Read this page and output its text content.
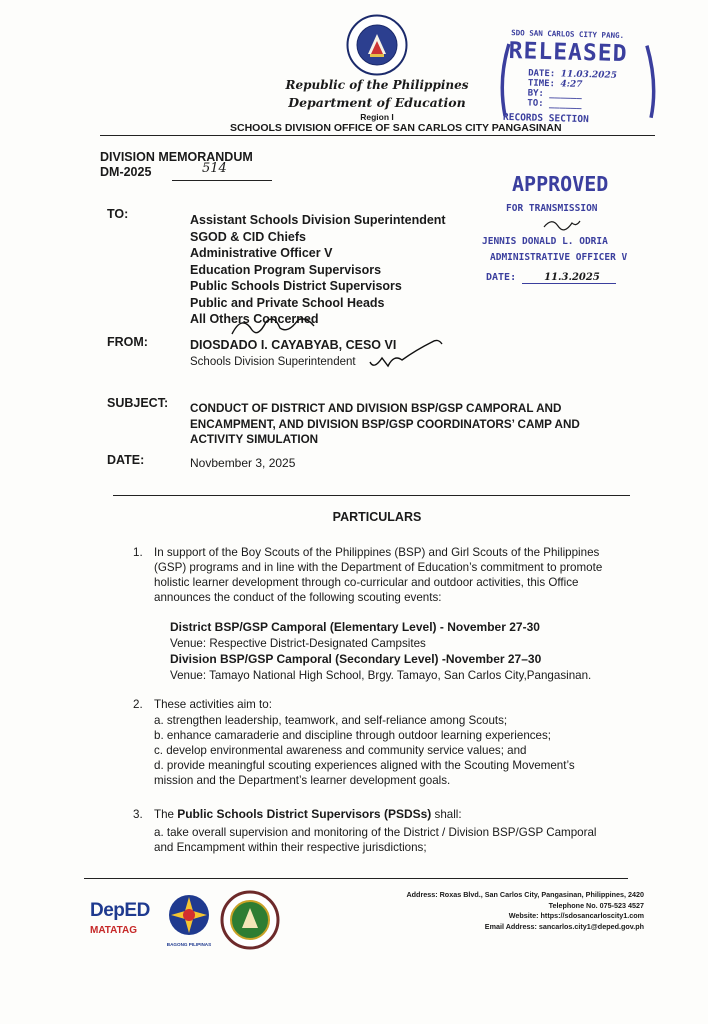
Republic of the Philippines
Department of Education
Region I
SCHOOLS DIVISION OFFICE OF SAN CARLOS CITY PANGASINAN
SDO SAN CARLOS CITY PANG.
RELEASED
DATE: 11.03.2025
TIME: 4:27
BY: ______
TO: ______
RECORDS SECTION
DIVISION MEMORANDUM
DM-2025	514
APPROVED
FOR TRANSMISSION
JENNIS DONALD L. ODRIA
ADMINISTRATIVE OFFICER V
DATE:	11.3.2025
TO:	Assistant Schools Division Superintendent
SGOD & CID Chiefs
Administrative Officer V
Education Program Supervisors
Public Schools District Supervisors
Public and Private School Heads
All Others Concerned
FROM:	DIOSDADO I. CAYABYAB, CESO VI
Schools Division Superintendent
SUBJECT: CONDUCT OF DISTRICT AND DIVISION BSP/GSP CAMPORAL AND
ENCAMPMENT, AND DIVISION BSP/GSP COORDINATORS’ CAMP AND
ACTIVITY SIMULATION
DATE:	Novbember 3, 2025
PARTICULARS
1. In support of the Boy Scouts of the Philippines (BSP) and Girl Scouts of the Philippines
(GSP) programs and in line with the Department of Education’s commitment to promote
holistic learner development through co-curricular and outdoor activities, this Office
announces the conduct of the following scouting events:
District BSP/GSP Camporal (Elementary Level) - November 27-30
Venue: Respective District-Designated Campsites
Division BSP/GSP Camporal (Secondary Level) -November 27–30
Venue: Tamayo National High School, Brgy. Tamayo, San Carlos City,Pangasinan.
2. These activities aim to:
a. strengthen leadership, teamwork, and self-reliance among Scouts;
b. enhance camaraderie and discipline through outdoor learning experiences;
c. develop environmental awareness and community service values; and
d. provide meaningful scouting experiences aligned with the Scouting Movement’s
mission and the Department’s learner development goals.
3. The Public Schools District Supervisors (PSDSs) shall:
a. take overall supervision and monitoring of the District / Division BSP/GSP Camporal
and Encampment within their respective jurisdictions;
DepED
MATATAG
BAGONG PILIPINAS
Address: Roxas Blvd., San Carlos City, Pangasinan, Philippines, 2420
Telephone No. 075-523 4527
Website: https://sdosancarloscity1.com
Email Address: sancarlos.city1@deped.gov.ph
